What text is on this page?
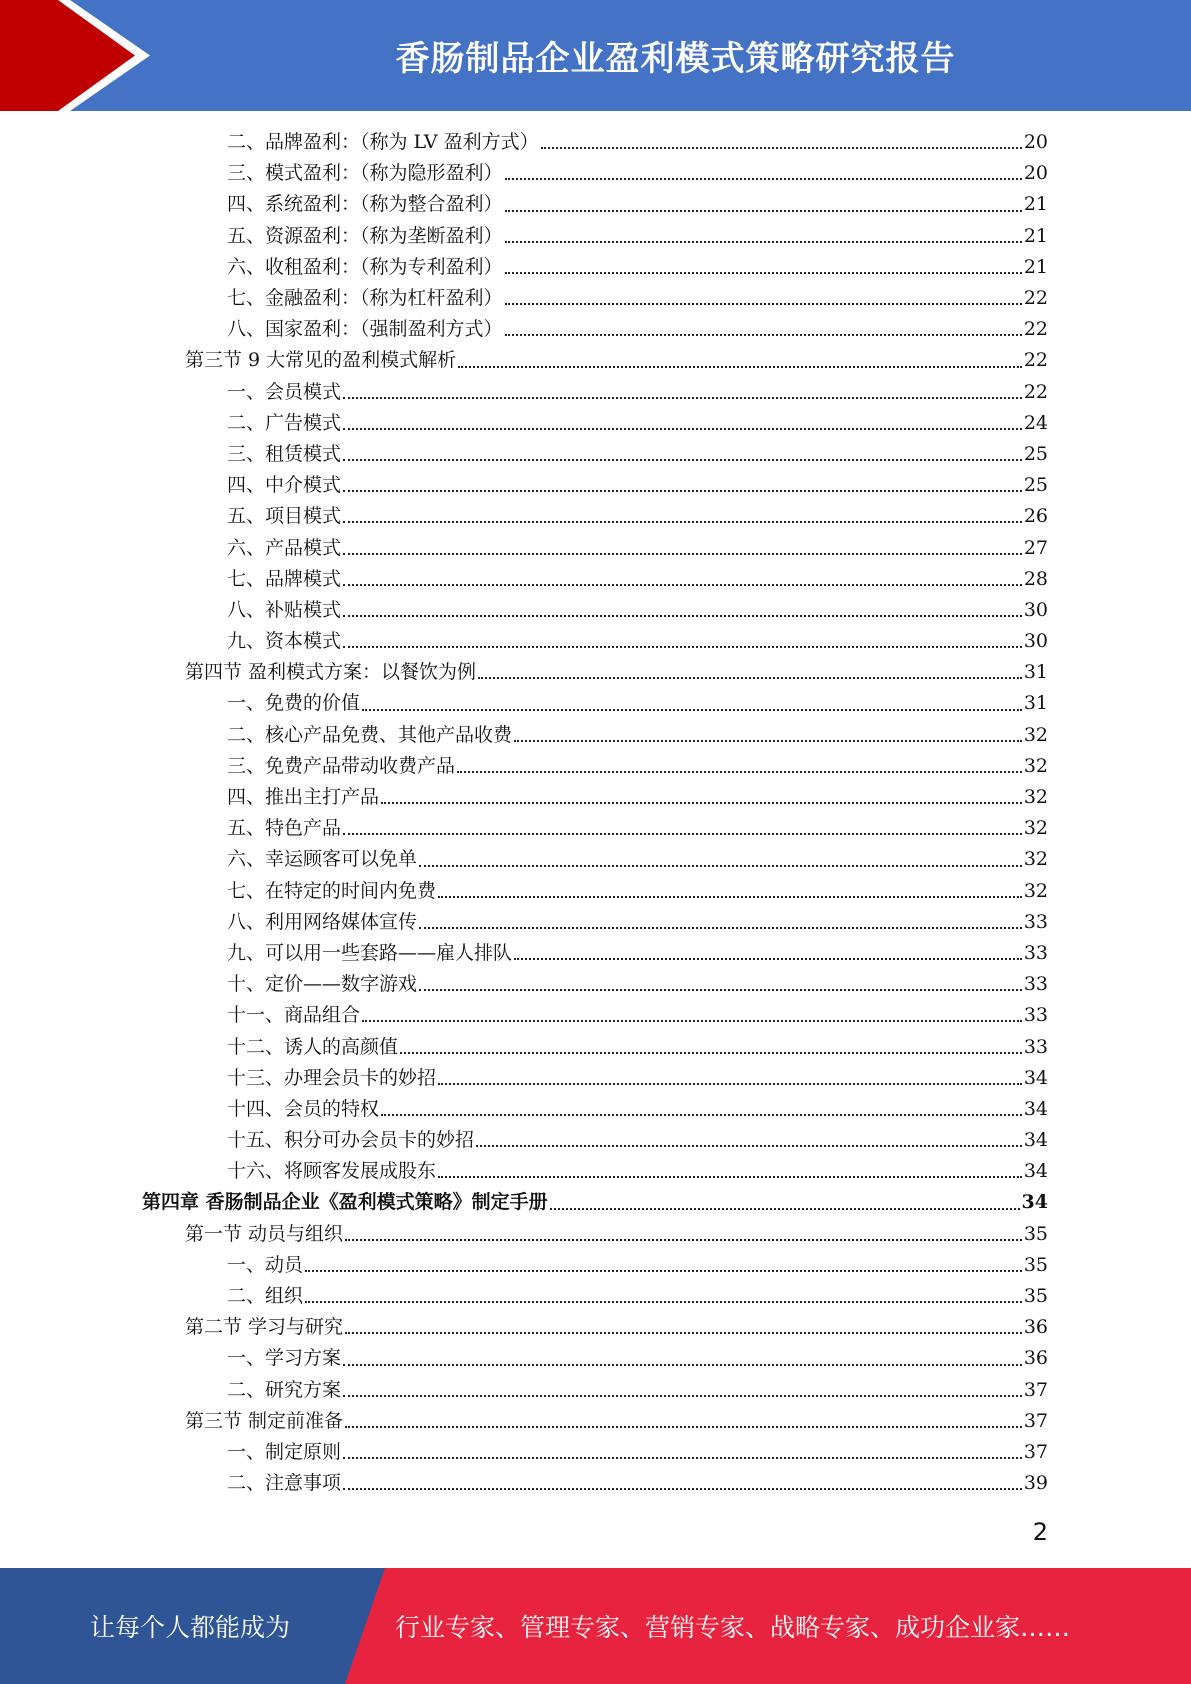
香肠制品企业盈利模式策略研究报告
二、品牌盈利：（称为 LV 盈利方式）	20
三、模式盈利：（称为隐形盈利）	20
四、系统盈利：（称为整合盈利）	21
五、资源盈利：（称为垄断盈利）	21
六、收租盈利：（称为专利盈利）	21
七、金融盈利：（称为杠杆盈利）	22
八、国家盈利：（强制盈利方式）	22
第三节 9 大常见的盈利模式解析	22
一、会员模式	22
二、广告模式	24
三、租赁模式	25
四、中介模式	25
五、项目模式	26
六、产品模式	27
七、品牌模式	28
八、补贴模式	30
九、资本模式	30
第四节 盈利模式方案：以餐饮为例	31
一、免费的价值	31
二、核心产品免费、其他产品收费	32
三、免费产品带动收费产品	32
四、推出主打产品	32
五、特色产品	32
六、幸运顾客可以免单	32
七、在特定的时间内免费	32
八、利用网络媒体宣传	33
九、可以用一些套路——雇人排队	33
十、定价——数字游戏	33
十一、商品组合	33
十二、诱人的高颜值	33
十三、办理会员卡的妙招	34
十四、会员的特权	34
十五、积分可办会员卡的妙招	34
十六、将顾客发展成股东	34
第四章 香肠制品企业《盈利模式策略》制定手册	34
第一节 动员与组织	35
一、动员	35
二、组织	35
第二节 学习与研究	36
一、学习方案	36
二、研究方案	37
第三节 制定前准备	37
一、制定原则	37
二、注意事项	39
2
让每个人都能成为	行业专家、管理专家、营销专家、战略专家、成功企业家……
